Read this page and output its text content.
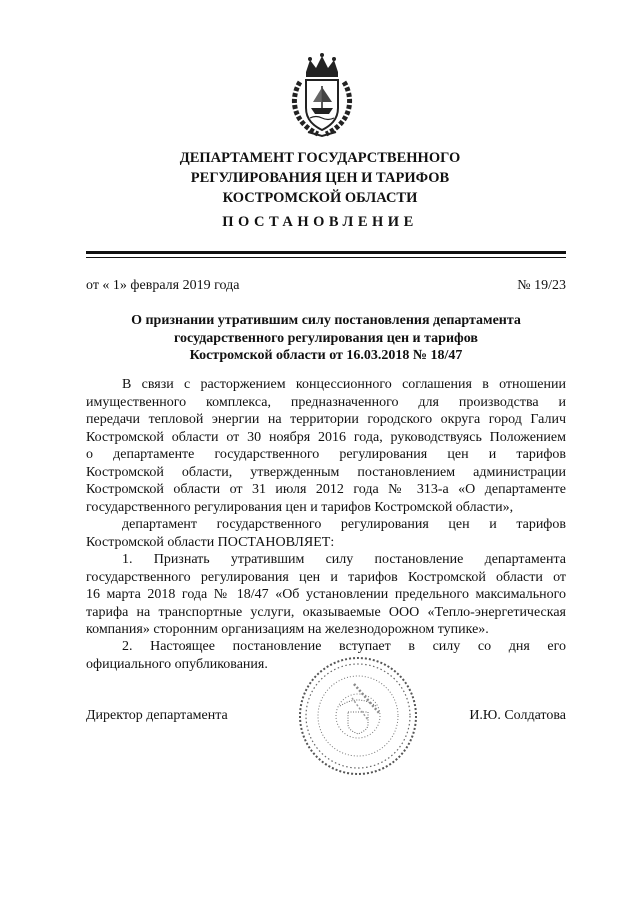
ДЕПАРТАМЕНТ ГОСУДАРСТВЕННОГО
РЕГУЛИРОВАНИЯ ЦЕН И ТАРИФОВ
КОСТРОМСКОЙ ОБЛАСТИ
ПОСТАНОВЛЕНИЕ
от « 1» февраля 2019 года	№ 19/23
О признании утратившим силу постановления департамента
государственного регулирования цен и тарифов
Костромской области от 16.03.2018 № 18/47
В связи с расторжением концессионного соглашения в отношении
имущественного комплекса, предназначенного для производства и
передачи тепловой энергии на территории городского округа город Галич
Костромской области от 30 ноября 2016 года, руководствуясь Положением
о департаменте государственного регулирования цен и тарифов
Костромской области, утвержденным постановлением администрации
Костромской области от 31 июля 2012 года № 313-а «О департаменте
государственного регулирования цен и тарифов Костромской области»,
департамент государственного регулирования цен и тарифов
Костромской области ПОСТАНОВЛЯЕТ:
1. Признать утратившим силу постановление департамента
государственного регулирования цен и тарифов Костромской области от
16 марта 2018 года № 18/47 «Об установлении предельного максимального
тарифа на транспортные услуги, оказываемые ООО «Тепло-энергетическая
компания» сторонним организациям на железнодорожном тупике».
2. Настоящее постановление вступает в силу со дня его
официального опубликования.
Директор департамента	И.Ю. Солдатова
